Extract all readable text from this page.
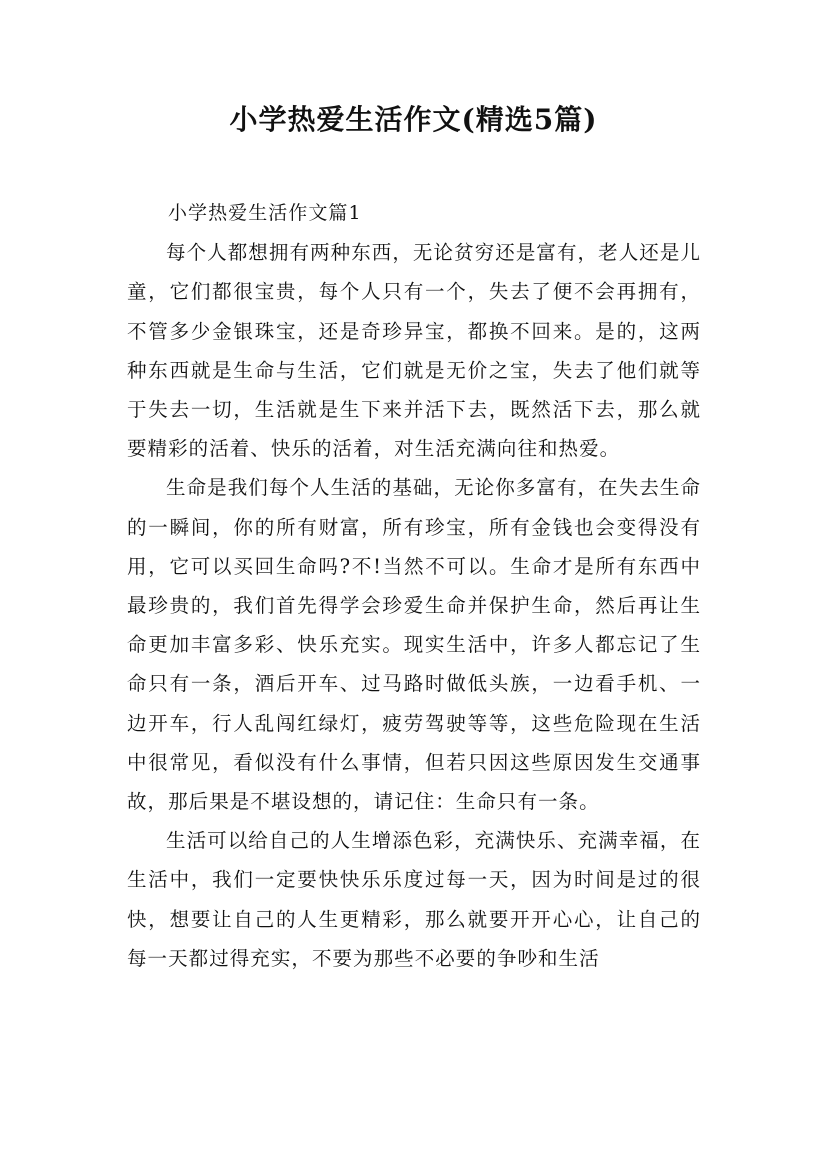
小学热爱生活作文(精选5篇)
小学热爱生活作文篇1

每个人都想拥有两种东西，无论贫穷还是富有，老人还是儿童，它们都很宝贵，每个人只有一个，失去了便不会再拥有，不管多少金银珠宝，还是奇珍异宝，都换不回来。是的，这两种东西就是生命与生活，它们就是无价之宝，失去了他们就等于失去一切，生活就是生下来并活下去，既然活下去，那么就要精彩的活着、快乐的活着，对生活充满向往和热爱。

生命是我们每个人生活的基础，无论你多富有，在失去生命的一瞬间，你的所有财富，所有珍宝，所有金钱也会变得没有用，它可以买回生命吗?不!当然不可以。生命才是所有东西中最珍贵的，我们首先得学会珍爱生命并保护生命，然后再让生命更加丰富多彩、快乐充实。现实生活中，许多人都忘记了生命只有一条，酒后开车、过马路时做低头族，一边看手机、一边开车，行人乱闯红绿灯，疲劳驾驶等等，这些危险现在生活中很常见，看似没有什么事情，但若只因这些原因发生交通事故，那后果是不堪设想的，请记住：生命只有一条。

生活可以给自己的人生增添色彩，充满快乐、充满幸福，在生活中，我们一定要快快乐乐度过每一天，因为时间是过的很快，想要让自己的人生更精彩，那么就要开开心心，让自己的每一天都过得充实，不要为那些不必要的争吵和生活
